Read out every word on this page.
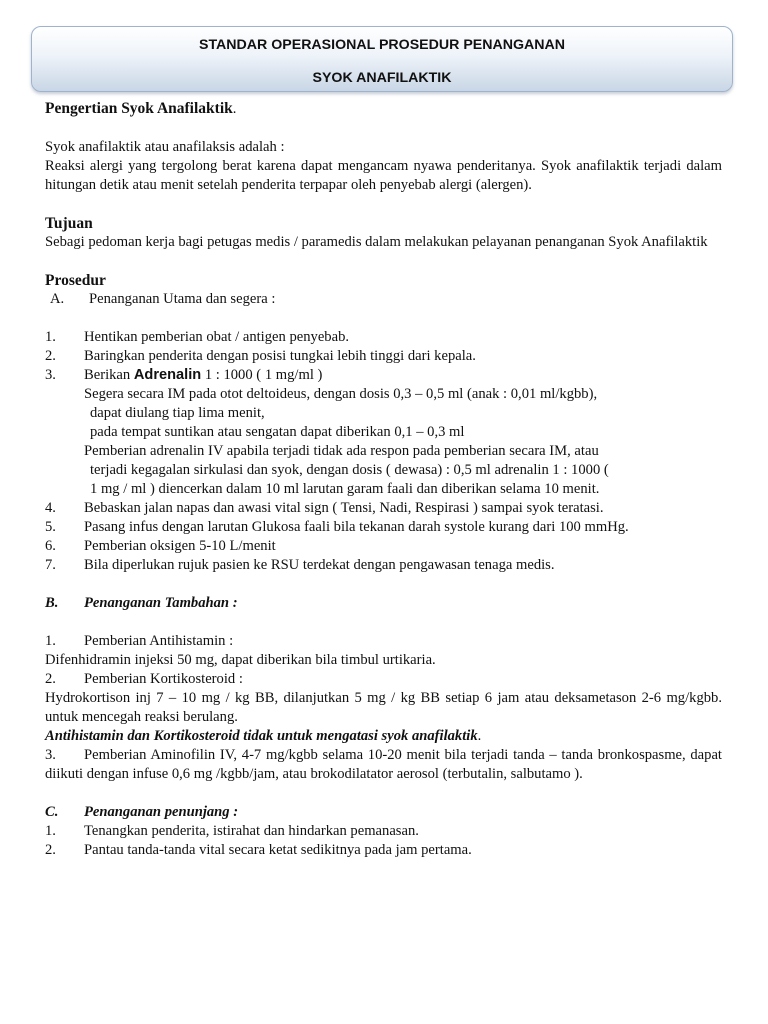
STANDAR OPERASIONAL PROSEDUR PENANGANAN
SYOK ANAFILAKTIK

Pengertian Syok Anafilaktik.

Syok anafilaktik atau anafilaksis adalah :

Reaksi alergi yang tergolong berat karena dapat mengancam nyawa penderitanya. Syok anafilaktik terjadi dalam hitungan detik atau menit setelah penderita terpapar oleh penyebab alergi (alergen).

Tujuan

Sebagi pedoman kerja bagi petugas medis / paramedis dalam melakukan pelayanan penanganan Syok Anafilaktik

Prosedur

A.	Penanganan Utama dan segera :
1.	Hentikan pemberian obat / antigen penyebab.
2.	Baringkan penderita dengan posisi tungkai lebih tinggi dari kepala.
3.	Berikan Adrenalin 1 : 1000 ( 1 mg/ml )

Segera secara IM pada otot deltoideus, dengan dosis 0,3 – 0,5 ml (anak : 0,01 ml/kgbb),

dapat diulang tiap lima menit,

pada tempat suntikan atau sengatan dapat diberikan 0,1 – 0,3 ml

Pemberian adrenalin IV apabila terjadi tidak ada respon pada pemberian secara IM, atau

terjadi kegagalan sirkulasi dan syok, dengan dosis ( dewasa) : 0,5 ml adrenalin 1 : 1000 (

1 mg / ml ) diencerkan dalam 10 ml larutan garam faali dan diberikan selama 10 menit.

4.	Bebaskan jalan napas dan awasi vital sign ( Tensi, Nadi, Respirasi ) sampai syok teratasi.
5.	Pasang infus dengan larutan Glukosa faali bila tekanan darah systole kurang dari 100 mmHg.
6.	Pemberian oksigen 5-10 L/menit
7.	Bila diperlukan rujuk pasien ke RSU terdekat dengan pengawasan tenaga medis.
B.	Penanganan Tambahan :
1.	Pemberian Antihistamin :

Difenhidramin injeksi 50 mg, dapat diberikan bila timbul urtikaria.

2.	Pemberian Kortikosteroid :

Hydrokortison inj 7 – 10 mg / kg BB, dilanjutkan 5 mg / kg BB setiap 6 jam atau deksametason 2-6 mg/kgbb. untuk mencegah reaksi berulang.

Antihistamin dan Kortikosteroid tidak untuk mengatasi syok anafilaktik.

3. Pemberian Aminofilin IV, 4-7 mg/kgbb selama 10-20 menit bila terjadi tanda – tanda bronkospasme, dapat diikuti dengan infuse 0,6 mg /kgbb/jam, atau brokodilatator aerosol (terbutalin, salbutamo ).

C.	Penanganan penunjang :
1.	Tenangkan penderita, istirahat dan hindarkan pemanasan.
2.	Pantau tanda-tanda vital secara ketat sedikitnya pada jam pertama.
